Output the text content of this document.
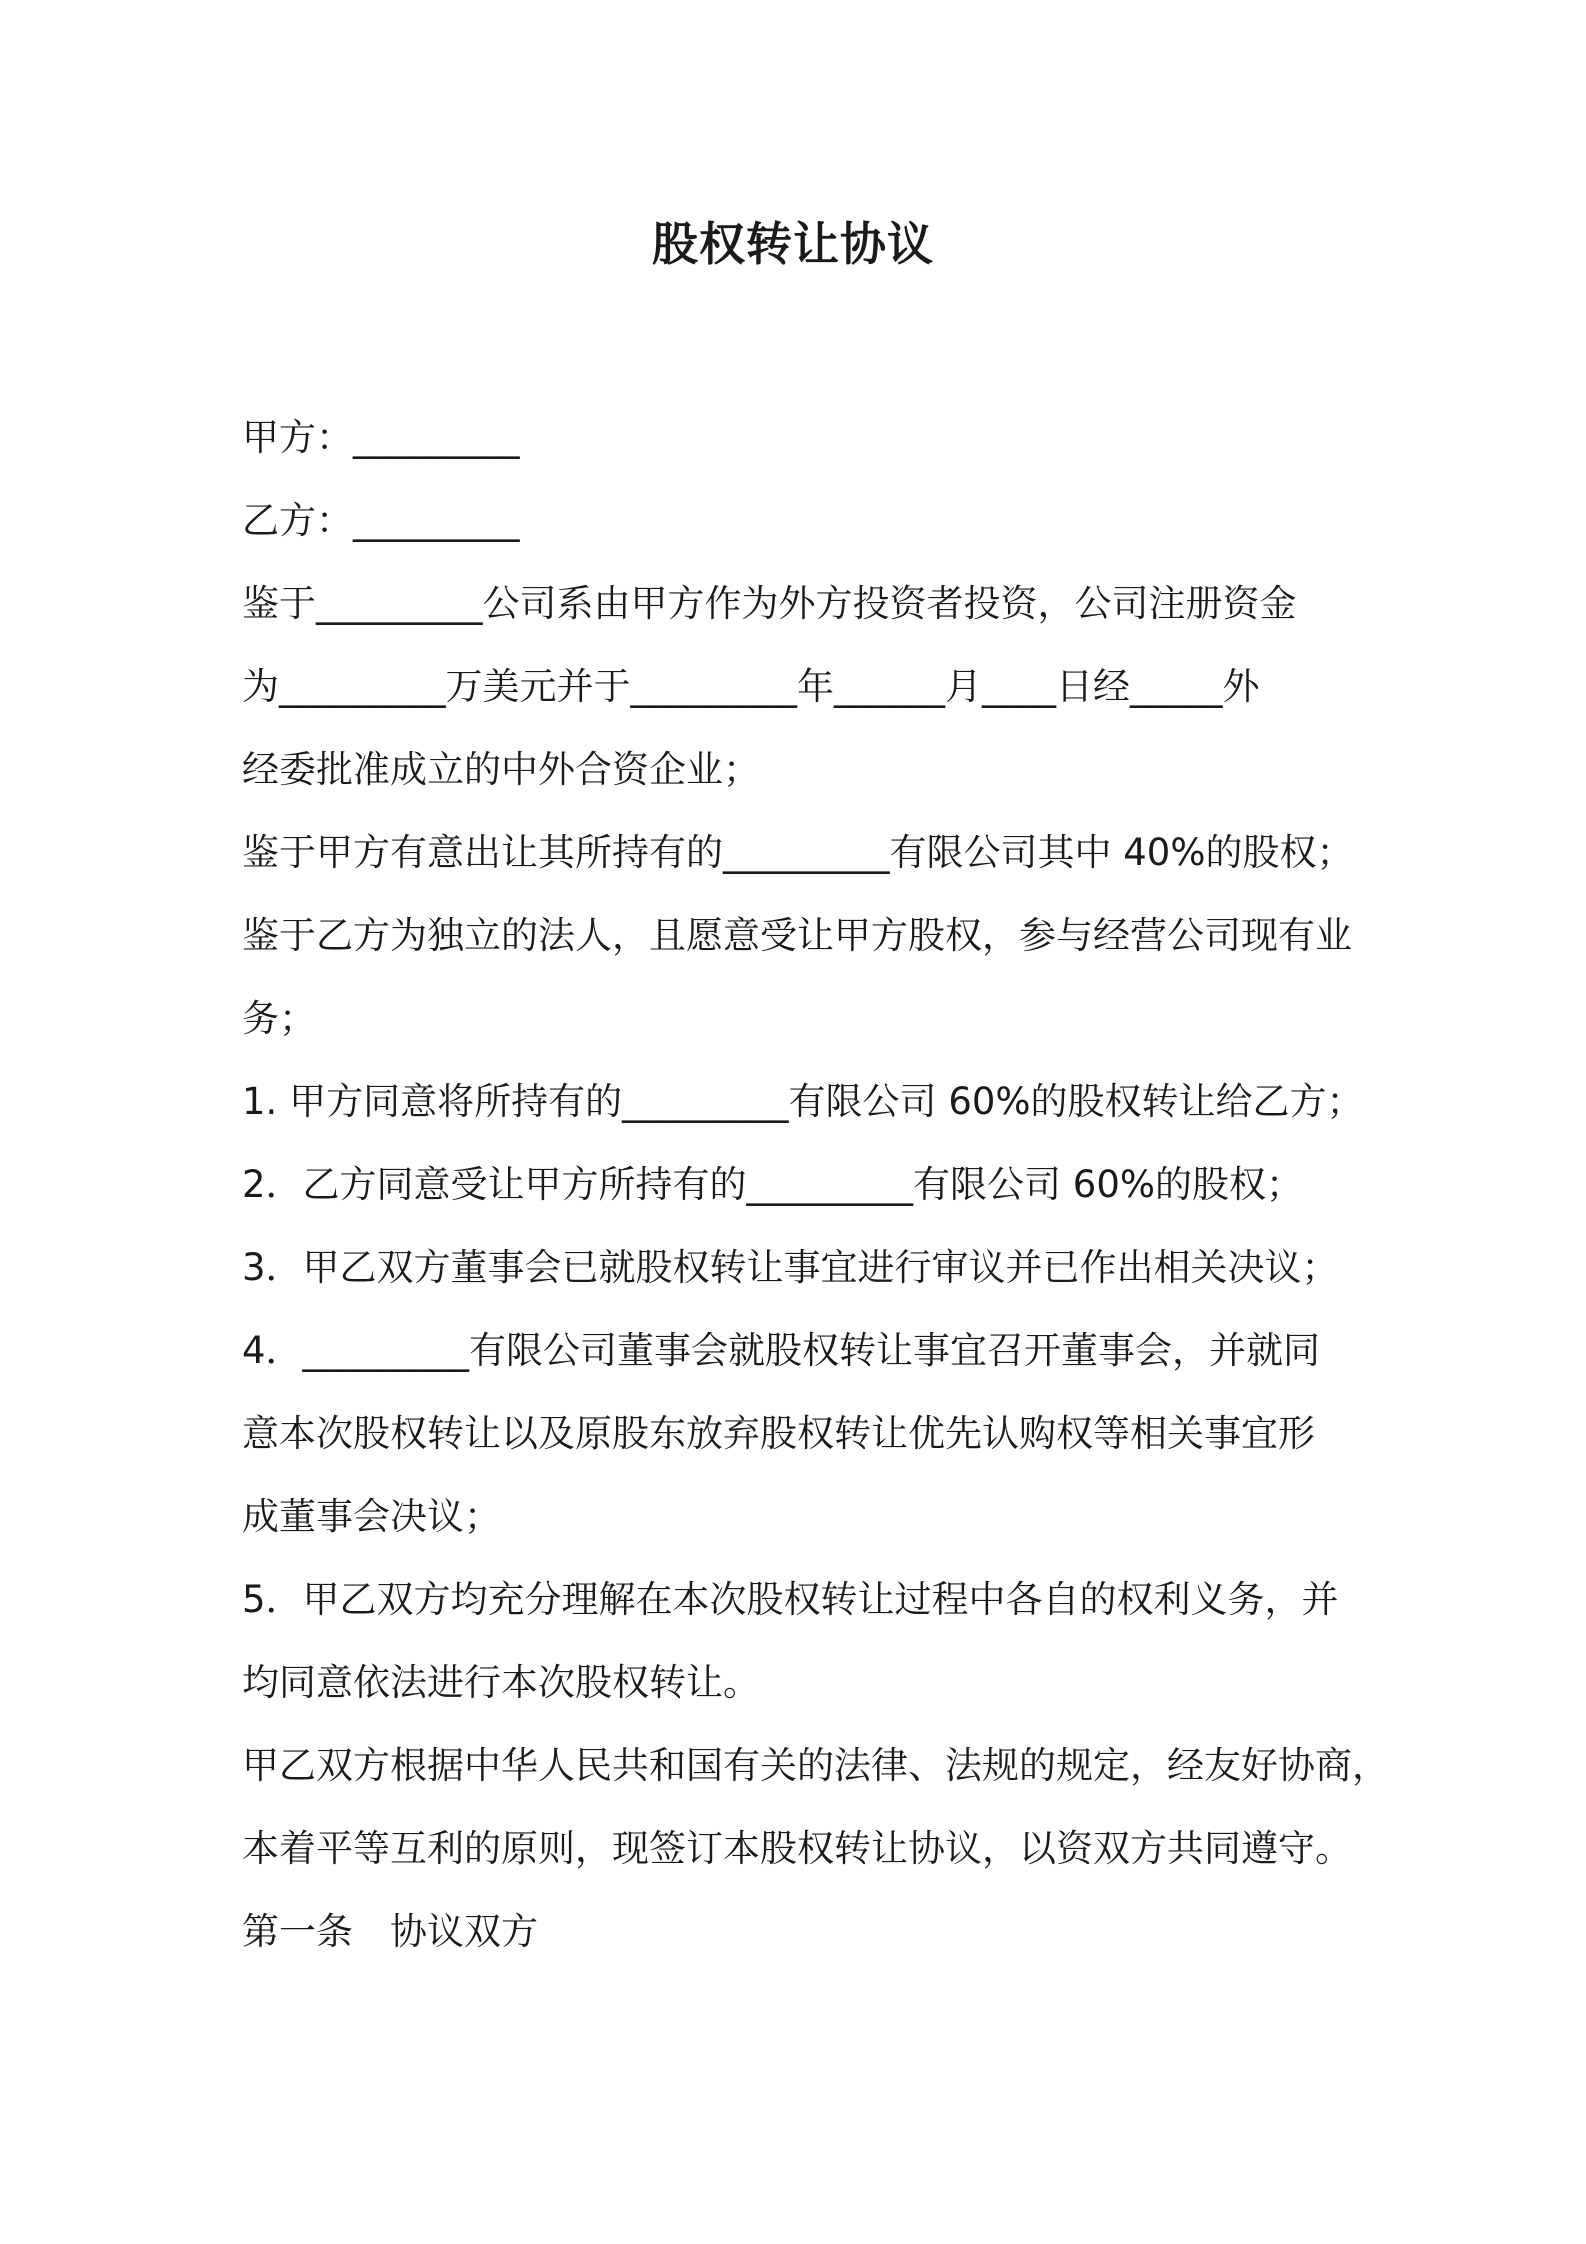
股权转让协议

甲方：_________

乙方：_________

鉴于_________公司系由甲方作为外方投资者投资，公司注册资金

为_________万美元并于_________年______月____日经_____外

经委批准成立的中外合资企业；

鉴于甲方有意出让其所持有的_________有限公司其中 40%的股权；

鉴于乙方为独立的法人，且愿意受让甲方股权，参与经营公司现有业

务；

1. 甲方同意将所持有的_________有限公司 60%的股权转让给乙方；

2．乙方同意受让甲方所持有的_________有限公司 60%的股权；

3．甲乙双方董事会已就股权转让事宜进行审议并已作出相关决议；

4．_________有限公司董事会就股权转让事宜召开董事会，并就同

意本次股权转让以及原股东放弃股权转让优先认购权等相关事宜形

成董事会决议；

5．甲乙双方均充分理解在本次股权转让过程中各自的权利义务，并

均同意依法进行本次股权转让。

甲乙双方根据中华人民共和国有关的法律、法规的规定，经友好协商，

本着平等互利的原则，现签订本股权转让协议，以资双方共同遵守。

第一条　协议双方
